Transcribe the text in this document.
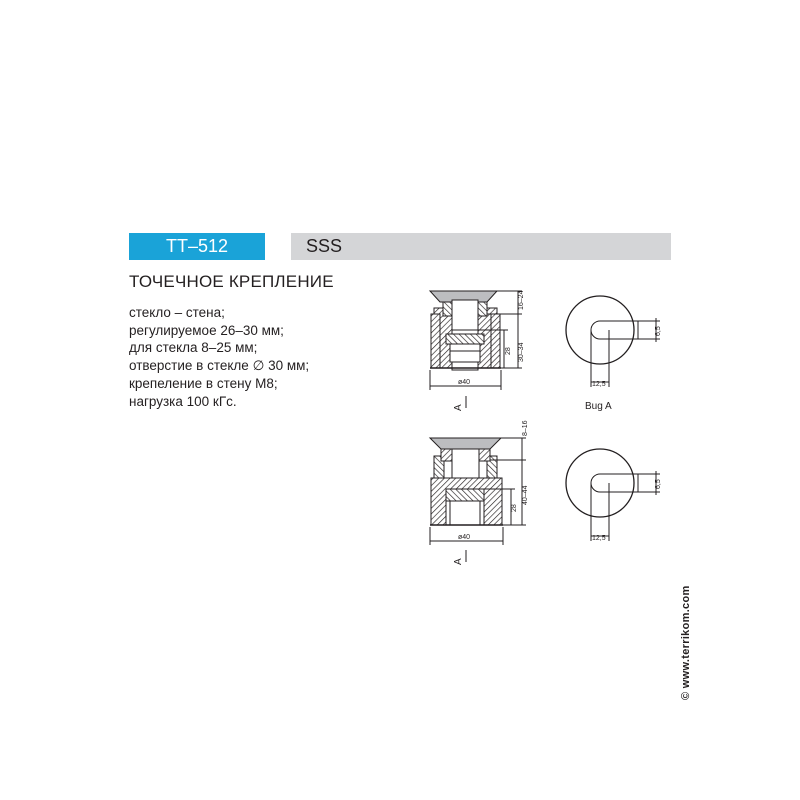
ТТ–512	SSS
ТОЧЕЧНОЕ КРЕПЛЕНИЕ
стекло – стена;
регулируемое 26–30 мм;
для стекла 8–25 мм;
отверстие в стекле ∅ 30 мм;
крепеление в стену М8;
нагрузка 100 кГс.
16–24
30–34
28
ø40
A
6,5
12,5
Bug A
8–16
40–44
28
ø40
A
6,5
12,5
© www.terrikom.com
